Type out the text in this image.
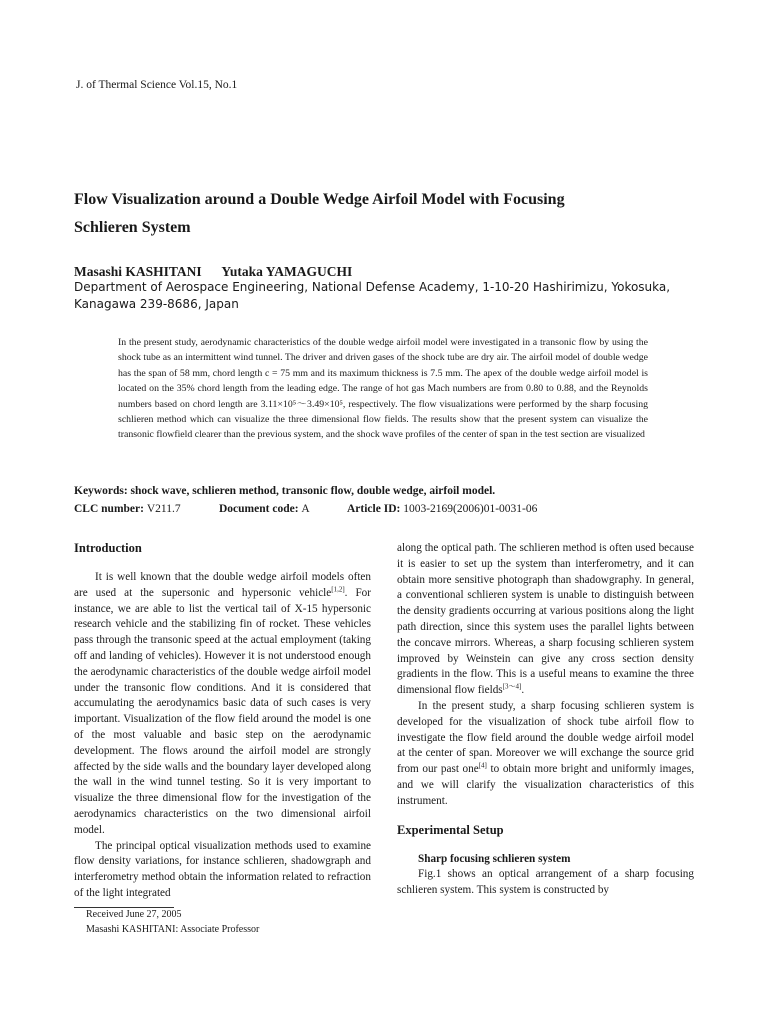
J. of Thermal Science Vol.15, No.1
Flow Visualization around a Double Wedge Airfoil Model with Focusing
Schlieren System
Masashi KASHITANI Yutaka YAMAGUCHI
Department of Aerospace Engineering, National Defense Academy, 1-10-20 Hashirimizu, Yokosuka,
Kanagawa 239-8686, Japan
In the present study, aerodynamic characteristics of the double wedge airfoil model were investigated in a transonic flow by using the shock tube as an intermittent wind tunnel. The driver and driven gases of the shock tube are dry air. The airfoil model of double wedge has the span of 58 mm, chord length c = 75 mm and its maximum thickness is 7.5 mm. The apex of the double wedge airfoil model is located on the 35% chord length from the leading edge. The range of hot gas Mach numbers are from 0.80 to 0.88, and the Reynolds numbers based on chord length are 3.11×10⁵～3.49×10⁵, respectively. The flow visualizations were performed by the sharp focusing schlieren method which can visualize the three dimensional flow fields. The results show that the present system can visualize the transonic flowfield clearer than the previous system, and the shock wave profiles of the center of span in the test section are visualized
Keywords: shock wave, schlieren method, transonic flow, double wedge, airfoil model.
CLC number: V211.7	Document code: A	Article ID: 1003-2169(2006)01-0031-06
Introduction

It is well known that the double wedge airfoil models often are used at the supersonic and hypersonic vehicle[1,2]. For instance, we are able to list the vertical tail of X-15 hypersonic research vehicle and the stabilizing fin of rocket. These vehicles pass through the transonic speed at the actual employment (taking off and landing of vehicles). However it is not understood enough the aerodynamic characteristics of the double wedge airfoil model under the transonic flow conditions. And it is considered that accumulating the aerodynamics basic data of such cases is very important. Visualization of the flow field around the model is one of the most valuable and basic step on the aerodynamic development. The flows around the airfoil model are strongly affected by the side walls and the boundary layer developed along the wall in the wind tunnel testing. So it is very important to visualize the three dimensional flow for the investigation of the aerodynamics characteristics on the two dimensional airfoil model.

The principal optical visualization methods used to examine flow density variations, for instance schlieren, shadowgraph and interferometry method obtain the information related to refraction of the light integrated

along the optical path. The schlieren method is often used because it is easier to set up the system than interferometry, and it can obtain more sensitive photograph than shadowgraphy. In general, a conventional schlieren system is unable to distinguish between the density gradients occurring at various positions along the light path direction, since this system uses the parallel lights between the concave mirrors. Whereas, a sharp focusing schlieren system improved by Weinstein can give any cross section density gradients in the flow. This is a useful means to examine the three dimensional flow fields[3～4].

In the present study, a sharp focusing schlieren system is developed for the visualization of shock tube airfoil flow to investigate the flow field around the double wedge airfoil model at the center of span. Moreover we will exchange the source grid from our past one[4] to obtain more bright and uniformly images, and we will clarify the visualization characteristics of this instrument.

Experimental Setup
Sharp focusing schlieren system

Fig.1 shows an optical arrangement of a sharp focusing schlieren system. This system is constructed by

Received June 27, 2005
Masashi KASHITANI: Associate Professor
